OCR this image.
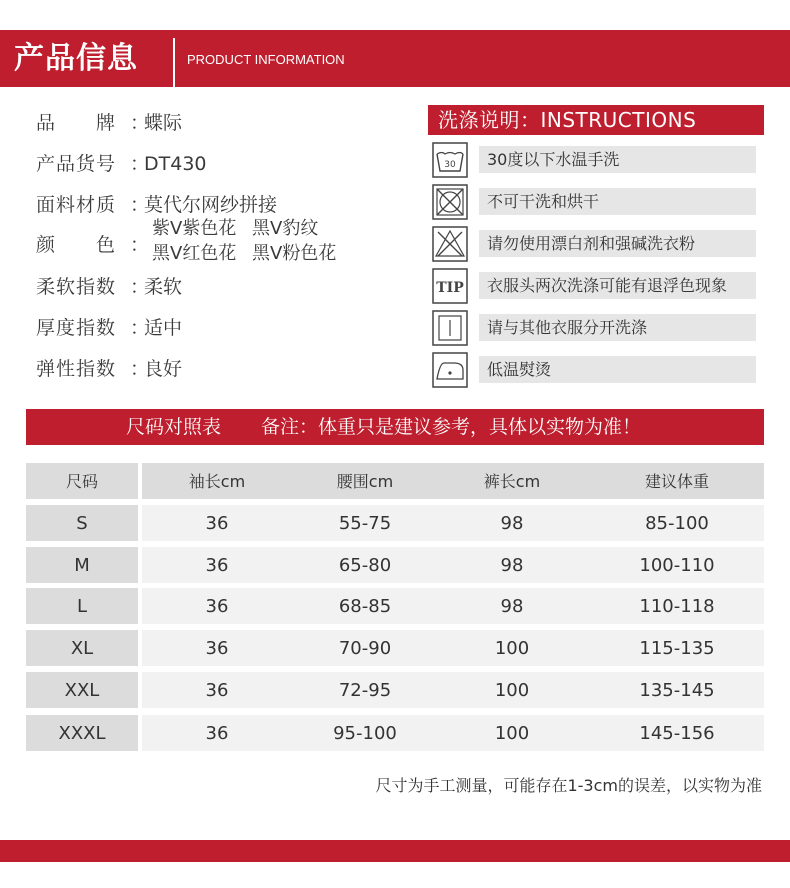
产品信息	PRODUCT INFORMATION
品　　牌 ：蝶际
产品货号 ：DT430
面料材质 ：莫代尔网纱拼接
颜　　色 ：
紫V紫色花 黑V豹纹
黑V红色花 黑V粉色花
柔软指数 ：柔软
厚度指数 ：适中
弹性指数 ：良好
洗涤说明：INSTRUCTIONS
30	30度以下水温手洗
不可干洗和烘干
请勿使用漂白剂和强碱洗衣粉
TIP	衣服头两次洗涤可能有退浮色现象
请与其他衣服分开洗涤
低温熨烫
尺码对照表 备注：体重只是建议参考，具体以实物为准！
尺码	袖长cm	腰围cm	裤长cm	建议体重
S	36	55-75	98	85-100
M	36	65-80	98	100-110
L	36	68-85	98	110-118
XL	36	70-90	100	115-135
XXL	36	72-95	100	135-145
XXXL	36	95-100	100	145-156
尺寸为手工测量，可能存在1-3cm的误差，以实物为准
